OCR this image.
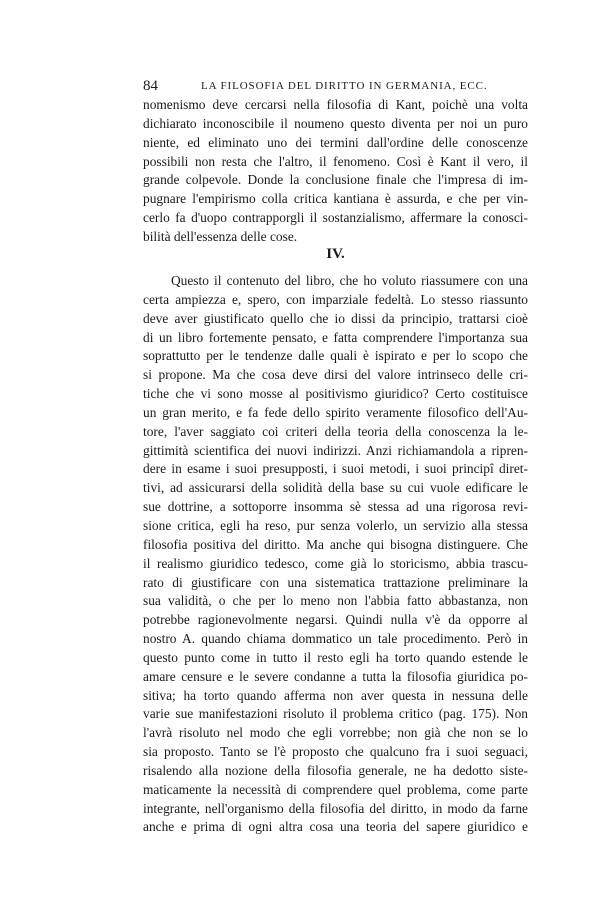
84	LA FILOSOFIA DEL DIRITTO IN GERMANIA, ECC.
nomenismo deve cercarsi nella filosofia di Kant, poichè una volta
dichiarato inconoscibile il noumeno questo diventa per noi un puro
niente, ed eliminato uno dei termini dall'ordine delle conoscenze
possibili non resta che l'altro, il fenomeno. Così è Kant il vero, il
grande colpevole. Donde la conclusione finale che l'impresa di im-
pugnare l'empirismo colla critica kantiana è assurda, e che per vin-
cerlo fa d'uopo contrapporgli il sostanzialismo, affermare la conosci-
bilità dell'essenza delle cose.
IV.
Questo il contenuto del libro, che ho voluto riassumere con una
certa ampiezza e, spero, con imparziale fedeltà. Lo stesso riassunto
deve aver giustificato quello che io dissi da principio, trattarsi cioè
di un libro fortemente pensato, e fatta comprendere l'importanza sua
soprattutto per le tendenze dalle quali è ispirato e per lo scopo che
si propone. Ma che cosa deve dirsi del valore intrinseco delle cri-
tiche che vi sono mosse al positivismo giuridico? Certo costituisce
un gran merito, e fa fede dello spirito veramente filosofico dell'Au-
tore, l'aver saggiato coi criteri della teoria della conoscenza la le-
gittimità scientifica dei nuovi indirizzi. Anzi richiamandola a ripren-
dere in esame i suoi presupposti, i suoi metodi, i suoi principî diret-
tivi, ad assicurarsi della solidità della base su cui vuole edificare le
sue dottrine, a sottoporre insomma sè stessa ad una rigorosa revi-
sione critica, egli ha reso, pur senza volerlo, un servizio alla stessa
filosofia positiva del diritto. Ma anche qui bisogna distinguere. Che
il realismo giuridico tedesco, come già lo storicismo, abbia trascu-
rato di giustificare con una sistematica trattazione preliminare la
sua validità, o che per lo meno non l'abbia fatto abbastanza, non
potrebbe ragionevolmente negarsi. Quindi nulla v'è da opporre al
nostro A. quando chiama dommatico un tale procedimento. Però in
questo punto come in tutto il resto egli ha torto quando estende le
amare censure e le severe condanne a tutta la filosofia giuridica po-
sitiva; ha torto quando afferma non aver questa in nessuna delle
varie sue manifestazioni risoluto il problema critico (pag. 175). Non
l'avrà risoluto nel modo che egli vorrebbe; non già che non se lo
sia proposto. Tanto se l'è proposto che qualcuno fra i suoi seguaci,
risalendo alla nozione della filosofia generale, ne ha dedotto siste-
maticamente la necessità di comprendere quel problema, come parte
integrante, nell'organismo della filosofia del diritto, in modo da farne
anche e prima di ogni altra cosa una teoria del sapere giuridico e
